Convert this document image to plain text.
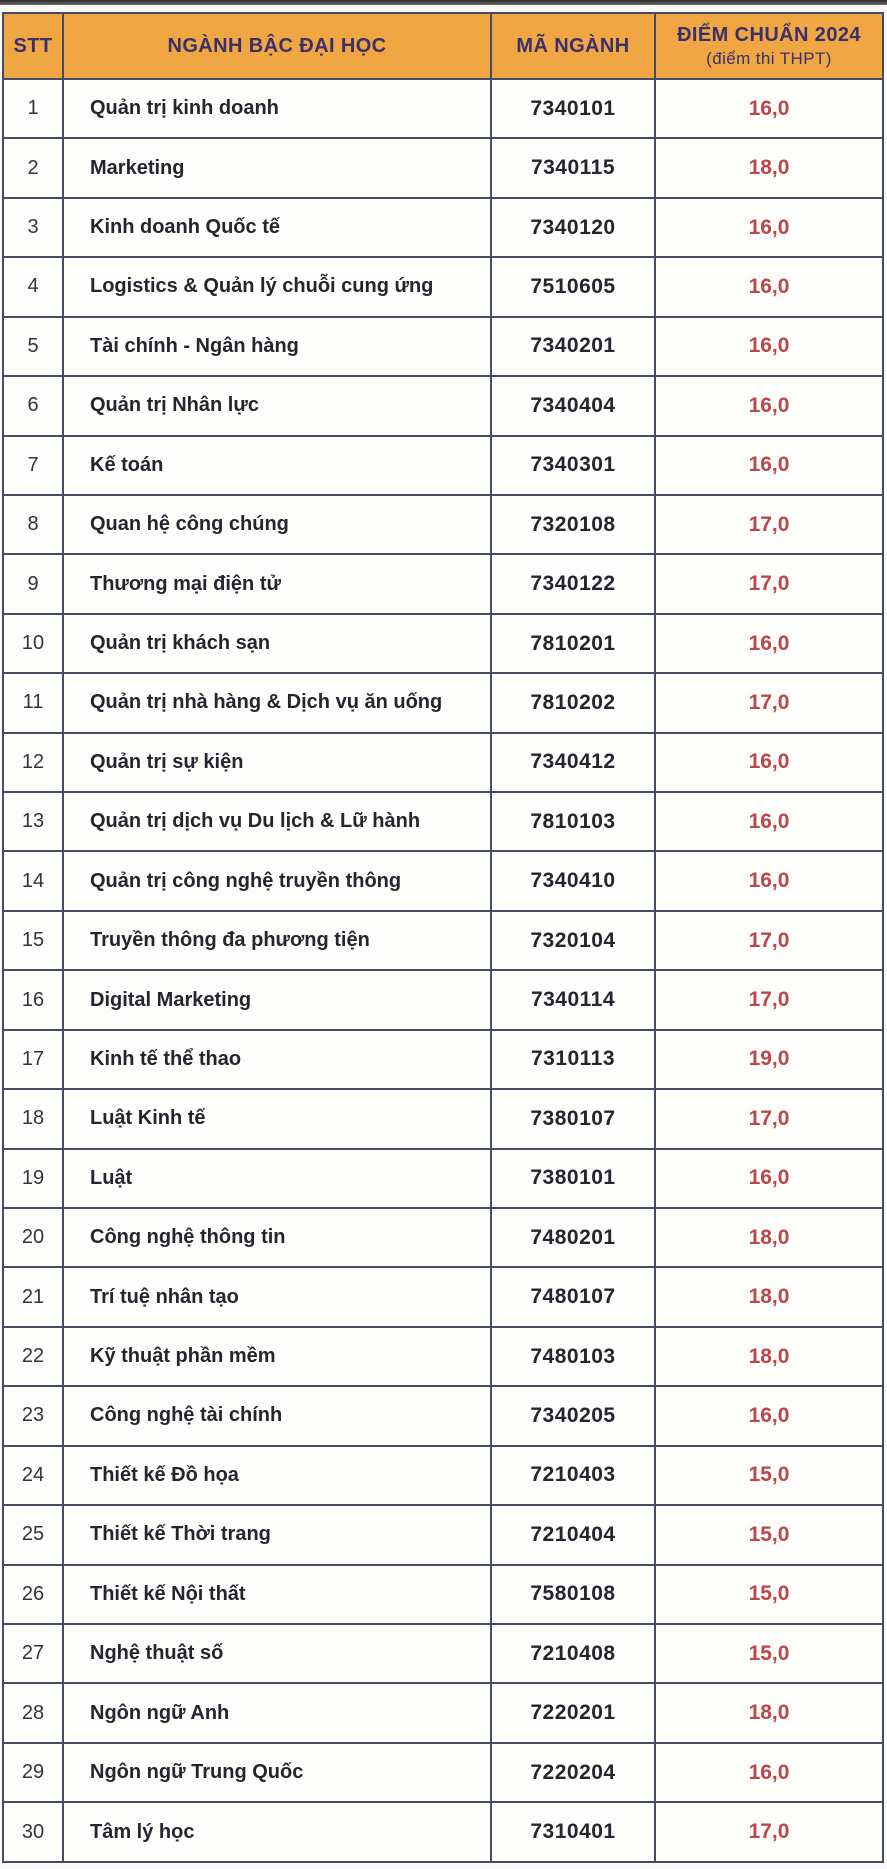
STT	NGÀNH BẬC ĐẠI HỌC	MÃ NGÀNH	ĐIỂM CHUẨN 2024
(điểm thi THPT)

1	Quản trị kinh doanh	7340101	16,0
2	Marketing	7340115	18,0
3	Kinh doanh Quốc tế	7340120	16,0
4	Logistics & Quản lý chuỗi cung ứng	7510605	16,0
5	Tài chính - Ngân hàng	7340201	16,0
6	Quản trị Nhân lực	7340404	16,0
7	Kế toán	7340301	16,0
8	Quan hệ công chúng	7320108	17,0
9	Thương mại điện tử	7340122	17,0
10	Quản trị khách sạn	7810201	16,0
11	Quản trị nhà hàng & Dịch vụ ăn uống	7810202	17,0
12	Quản trị sự kiện	7340412	16,0
13	Quản trị dịch vụ Du lịch & Lữ hành	7810103	16,0
14	Quản trị công nghệ truyền thông	7340410	16,0
15	Truyền thông đa phương tiện	7320104	17,0
16	Digital Marketing	7340114	17,0
17	Kinh tế thể thao	7310113	19,0
18	Luật Kinh tế	7380107	17,0
19	Luật	7380101	16,0
20	Công nghệ thông tin	7480201	18,0
21	Trí tuệ nhân tạo	7480107	18,0
22	Kỹ thuật phần mềm	7480103	18,0
23	Công nghệ tài chính	7340205	16,0
24	Thiết kế Đồ họa	7210403	15,0
25	Thiết kế Thời trang	7210404	15,0
26	Thiết kế Nội thất	7580108	15,0
27	Nghệ thuật số	7210408	15,0
28	Ngôn ngữ Anh	7220201	18,0
29	Ngôn ngữ Trung Quốc	7220204	16,0
30	Tâm lý học	7310401	17,0
